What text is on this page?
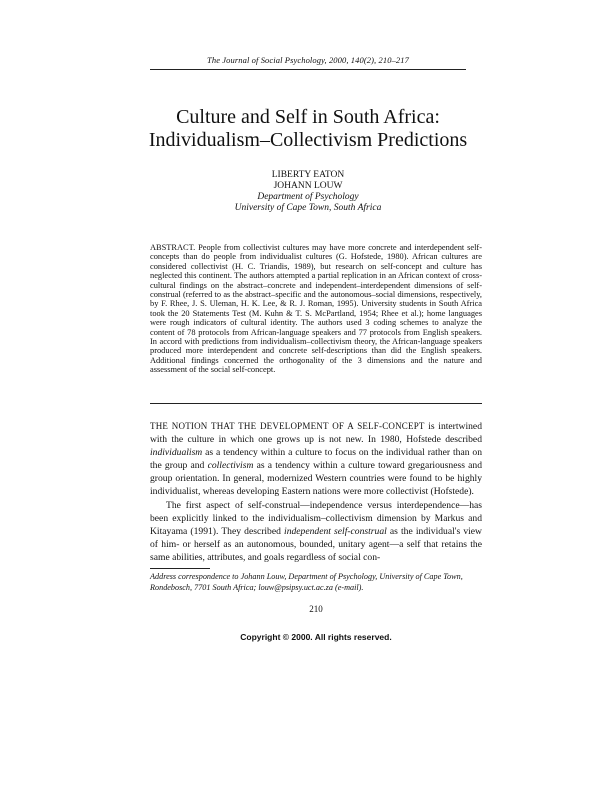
The Journal of Social Psychology, 2000, 140(2), 210–217
Culture and Self in South Africa:
Individualism–Collectivism Predictions
LIBERTY EATON
JOHANN LOUW
Department of Psychology
University of Cape Town, South Africa
ABSTRACT. People from collectivist cultures may have more concrete and interdependent self-concepts than do people from individualist cultures (G. Hofstede, 1980). African cultures are considered collectivist (H. C. Triandis, 1989), but research on self-concept and culture has neglected this continent. The authors attempted a partial replication in an African context of cross-cultural findings on the abstract–concrete and independent–interdependent dimensions of self-construal (referred to as the abstract–specific and the autonomous–social dimensions, respectively, by F. Rhee, J. S. Uleman, H. K. Lee, & R. J. Roman, 1995). University students in South Africa took the 20 Statements Test (M. Kuhn & T. S. McPartland, 1954; Rhee et al.); home languages were rough indicators of cultural identity. The authors used 3 coding schemes to analyze the content of 78 protocols from African-language speakers and 77 protocols from English speakers. In accord with predictions from individualism–collectivism theory, the African-language speakers produced more interdependent and concrete self-descriptions than did the English speakers. Additional findings concerned the orthogonality of the 3 dimensions and the nature and assessment of the social self-concept.

THE NOTION THAT THE DEVELOPMENT OF A SELF-CONCEPT is intertwined with the culture in which one grows up is not new. In 1980, Hofstede described individualism as a tendency within a culture to focus on the individual rather than on the group and collectivism as a tendency within a culture toward gregariousness and group orientation. In general, modernized Western countries were found to be highly individualist, whereas developing Eastern nations were more collectivist (Hofstede).

The first aspect of self-construal—independence versus interdependence—has been explicitly linked to the individualism–collectivism dimension by Markus and Kitayama (1991). They described independent self-construal as the individual's view of him- or herself as an autonomous, bounded, unitary agent—a self that retains the same abilities, attributes, and goals regardless of social con-

Address correspondence to Johann Louw, Department of Psychology, University of Cape Town, Rondebosch, 7701 South Africa; louw@psipsy.uct.ac.za (e-mail).
210
Copyright © 2000. All rights reserved.
